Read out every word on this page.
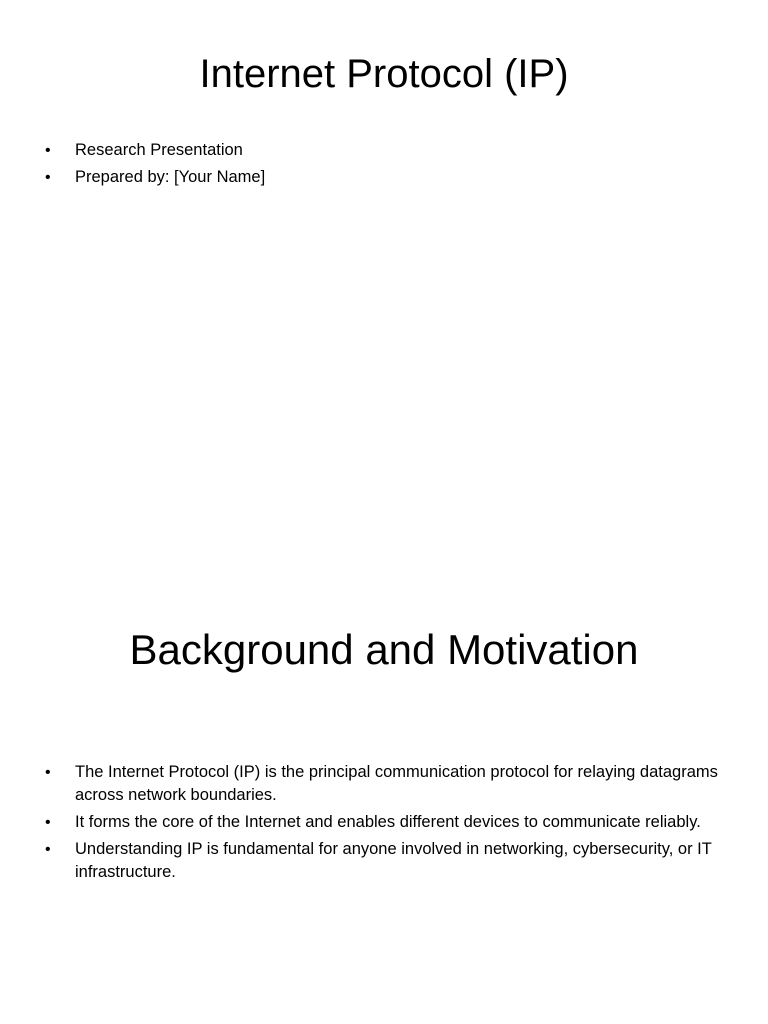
Internet Protocol (IP)
•	Research Presentation
•	Prepared by: [Your Name]
Background and Motivation
•	The Internet Protocol (IP) is the principal communication protocol for relaying datagrams across network boundaries.
•	It forms the core of the Internet and enables different devices to communicate reliably.
•	Understanding IP is fundamental for anyone involved in networking, cybersecurity, or IT infrastructure.
